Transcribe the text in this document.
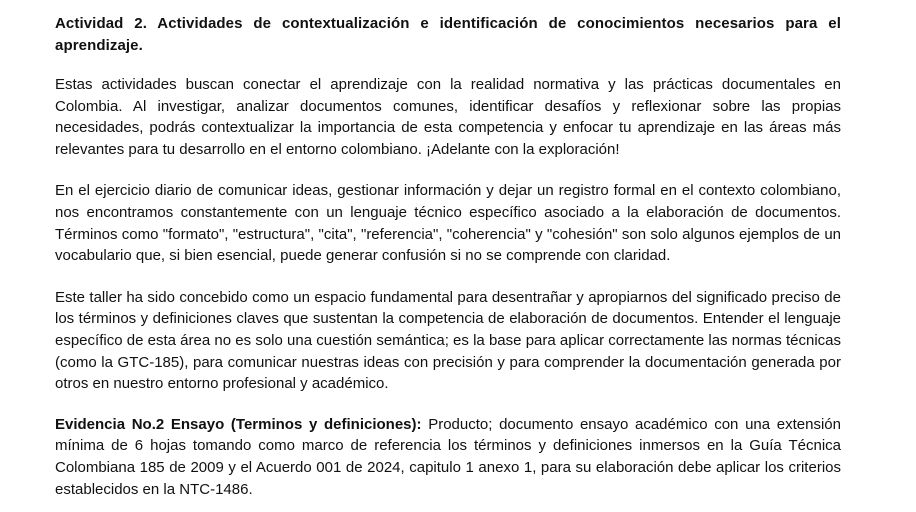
Actividad 2. Actividades de contextualización e identificación de conocimientos necesarios para el aprendizaje.

Estas actividades buscan conectar el aprendizaje con la realidad normativa y las prácticas documentales en Colombia. Al investigar, analizar documentos comunes, identificar desafíos y reflexionar sobre las propias necesidades, podrás contextualizar la importancia de esta competencia y enfocar tu aprendizaje en las áreas más relevantes para tu desarrollo en el entorno colombiano. ¡Adelante con la exploración!

En el ejercicio diario de comunicar ideas, gestionar información y dejar un registro formal en el contexto colombiano, nos encontramos constantemente con un lenguaje técnico específico asociado a la elaboración de documentos. Términos como "formato", "estructura", "cita", "referencia", "coherencia" y "cohesión" son solo algunos ejemplos de un vocabulario que, si bien esencial, puede generar confusión si no se comprende con claridad.

Este taller ha sido concebido como un espacio fundamental para desentrañar y apropiarnos del significado preciso de los términos y definiciones claves que sustentan la competencia de elaboración de documentos. Entender el lenguaje específico de esta área no es solo una cuestión semántica; es la base para aplicar correctamente las normas técnicas (como la GTC-185), para comunicar nuestras ideas con precisión y para comprender la documentación generada por otros en nuestro entorno profesional y académico.

Evidencia No.2 Ensayo (Terminos y definiciones): Producto; documento ensayo académico con una extensión mínima de 6 hojas tomando como marco de referencia los términos y definiciones inmersos en la Guía Técnica Colombiana 185 de 2009 y el Acuerdo 001 de 2024, capitulo 1 anexo 1, para su elaboración debe aplicar los criterios establecidos en la NTC-1486.
